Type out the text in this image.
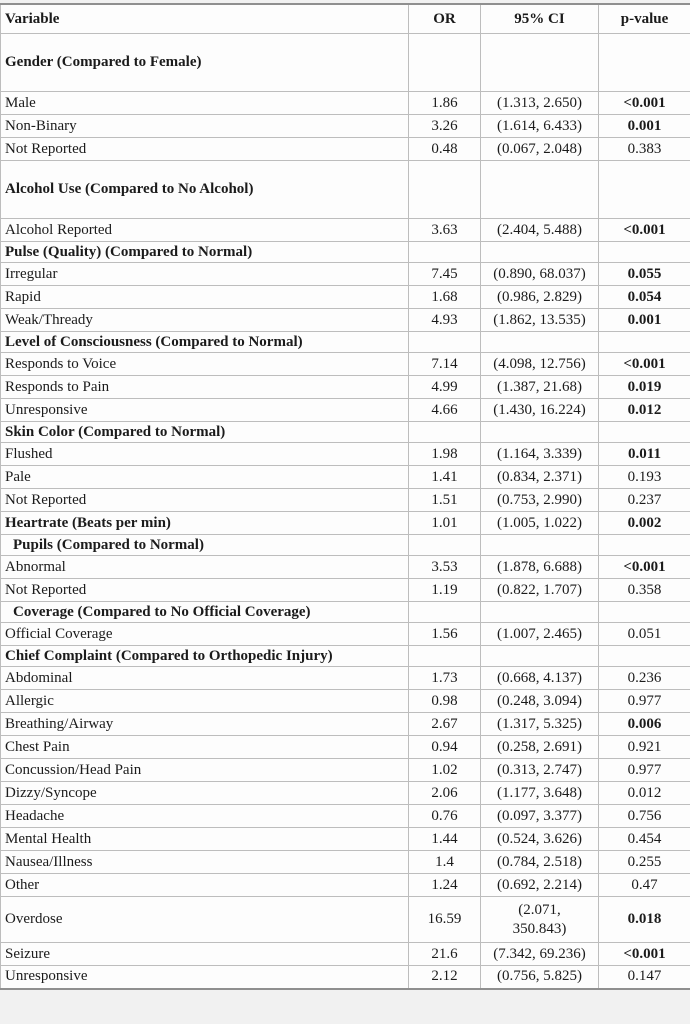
Variable	OR	95% CI	p-value
Gender (Compared to Female)			
Male	1.86	(1.313, 2.650)	<0.001
Non-Binary	3.26	(1.614, 6.433)	0.001
Not Reported	0.48	(0.067, 2.048)	0.383
Alcohol Use (Compared to No Alcohol)			
Alcohol Reported	3.63	(2.404, 5.488)	<0.001
Pulse (Quality) (Compared to Normal)			
Irregular	7.45	(0.890, 68.037)	0.055
Rapid	1.68	(0.986, 2.829)	0.054
Weak/Thready	4.93	(1.862, 13.535)	0.001
Level of Consciousness (Compared to Normal)			
Responds to Voice	7.14	(4.098, 12.756)	<0.001
Responds to Pain	4.99	(1.387, 21.68)	0.019
Unresponsive	4.66	(1.430, 16.224)	0.012
Skin Color (Compared to Normal)			
Flushed	1.98	(1.164, 3.339)	0.011
Pale	1.41	(0.834, 2.371)	0.193
Not Reported	1.51	(0.753, 2.990)	0.237
Heartrate (Beats per min)	1.01	(1.005, 1.022)	0.002
Pupils (Compared to Normal)			
Abnormal	3.53	(1.878, 6.688)	<0.001
Not Reported	1.19	(0.822, 1.707)	0.358
Coverage (Compared to No Official Coverage)			
Official Coverage	1.56	(1.007, 2.465)	0.051
Chief Complaint (Compared to Orthopedic Injury)			
Abdominal	1.73	(0.668, 4.137)	0.236
Allergic	0.98	(0.248, 3.094)	0.977
Breathing/Airway	2.67	(1.317, 5.325)	0.006
Chest Pain	0.94	(0.258, 2.691)	0.921
Concussion/Head Pain	1.02	(0.313, 2.747)	0.977
Dizzy/Syncope	2.06	(1.177, 3.648)	0.012
Headache	0.76	(0.097, 3.377)	0.756
Mental Health	1.44	(0.524, 3.626)	0.454
Nausea/Illness	1.4	(0.784, 2.518)	0.255
Other	1.24	(0.692, 2.214)	0.47
Overdose	16.59	(2.071, 350.843)	0.018
Seizure	21.6	(7.342, 69.236)	<0.001
Unresponsive	2.12	(0.756, 5.825)	0.147
